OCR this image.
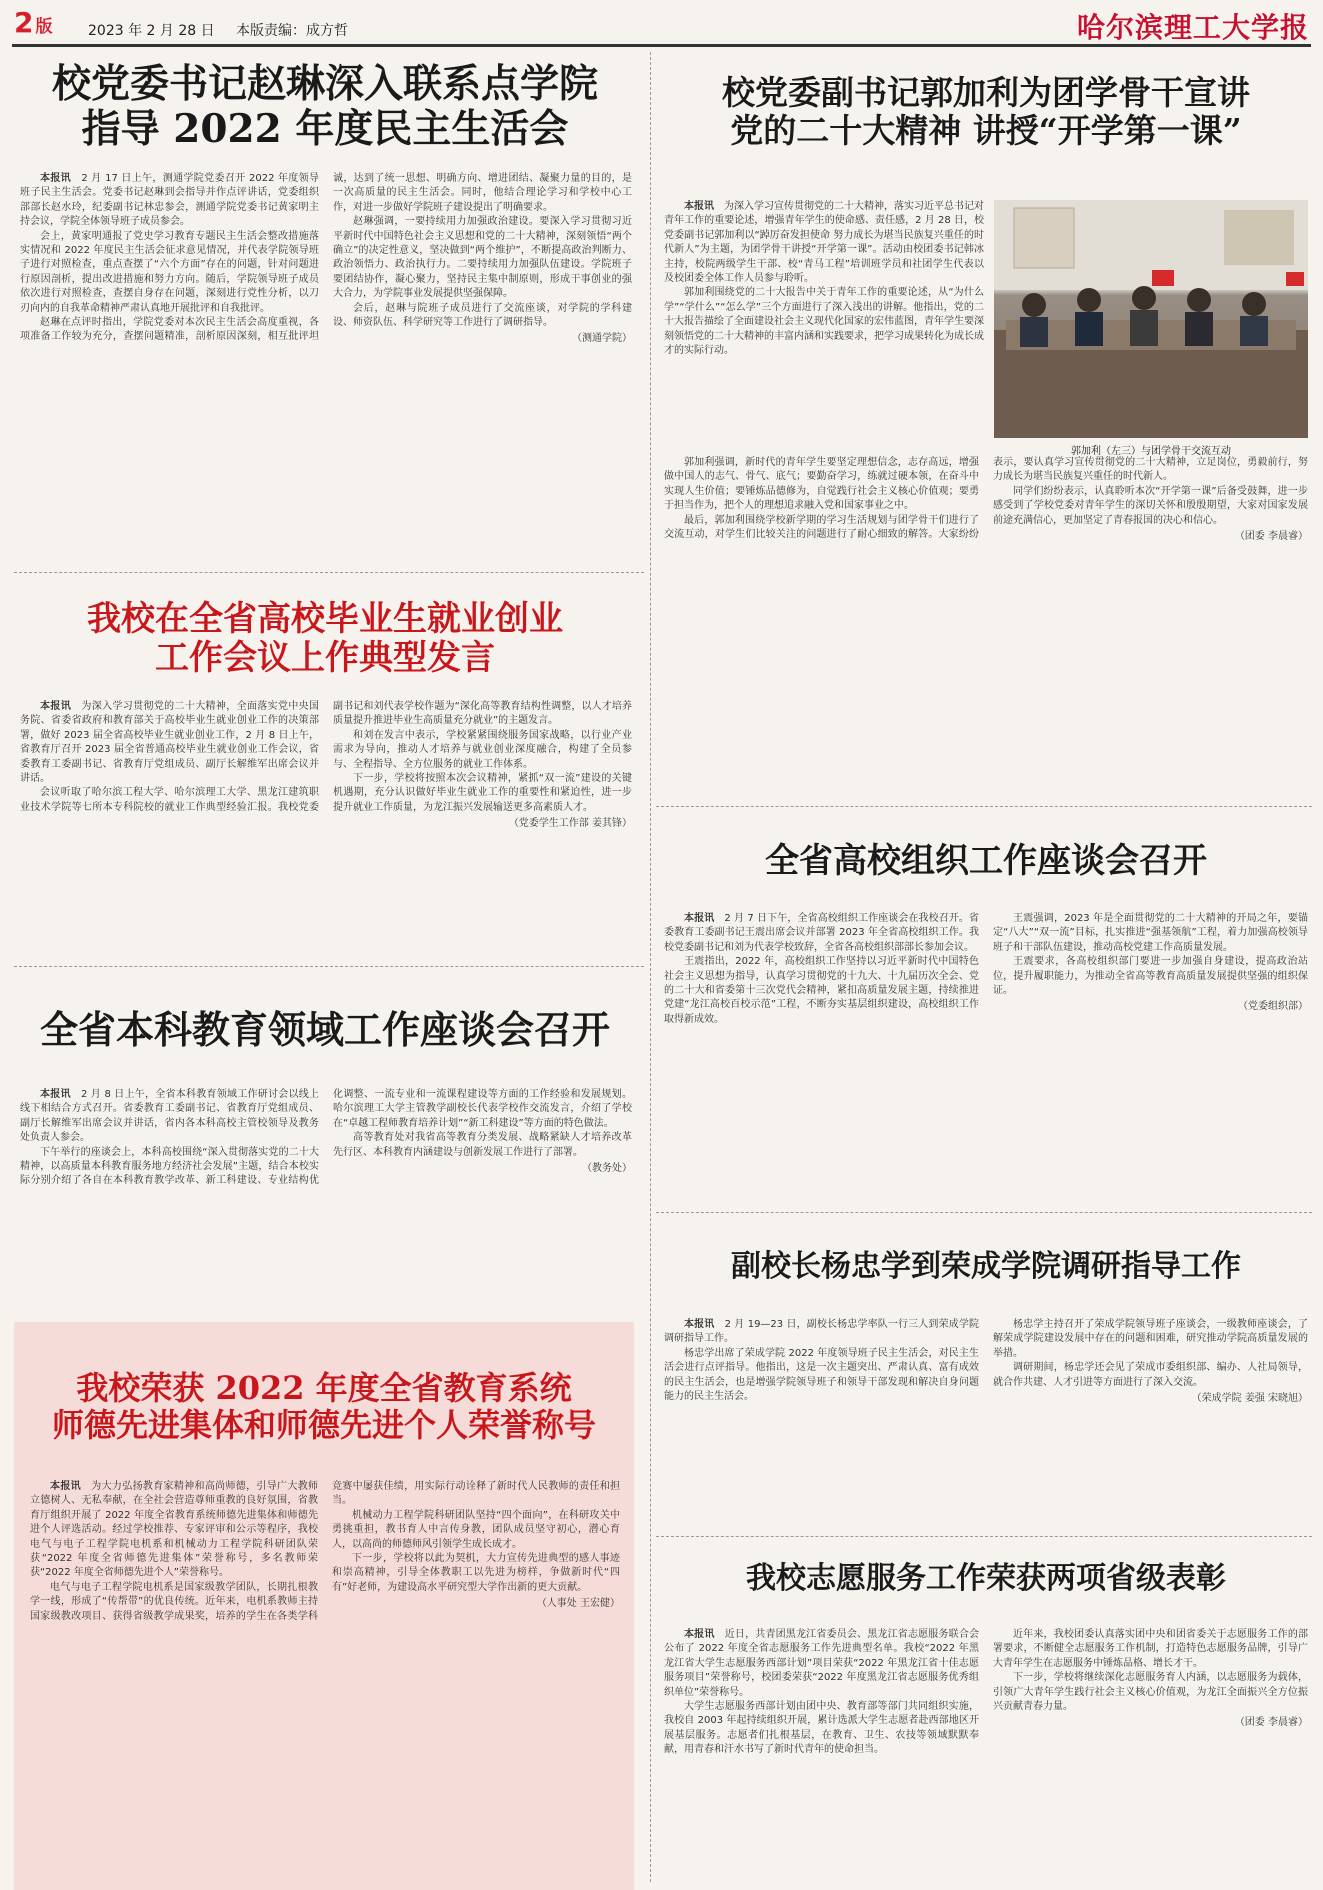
2 版	2023 年 2 月 28 日 本版责编：成方哲	哈尔滨理工大学报
校党委书记赵琳深入联系点学院
指导 2022 年度民主生活会

本报讯　 2 月 17 日上午，测通学院党委召开 2022 年度领导班子民主生活会。党委书记赵琳到会指导并作点评讲话，党委组织部部长赵水玲，纪委副书记林忠参会，测通学院党委书记黄家明主持会议，学院全体领导班子成员参会。

会上，黄家明通报了党史学习教育专题民主生活会整改措施落实情况和 2022 年度民主生活会征求意见情况，并代表学院领导班子进行对照检查，重点查摆了“六个方面”存在的问题，针对问题进行原因剖析，提出改进措施和努力方向。随后，学院领导班子成员依次进行对照检查，查摆自身存在问题，深刻进行党性分析，以刀刃向内的自我革命精神严肃认真地开展批评和自我批评。

赵琳在点评时指出，学院党委对本次民主生活会高度重视，各项准备工作较为充分，查摆问题精准，剖析原因深刻，相互批评坦诚，达到了统一思想、明确方向、增进团结、凝聚力量的目的，是一次高质量的民主生活会。同时，他结合理论学习和学校中心工作，对进一步做好学院班子建设提出了明确要求。

赵琳强调，一要持续用力加强政治建设。要深入学习贯彻习近平新时代中国特色社会主义思想和党的二十大精神，深刻领悟“两个确立”的决定性意义，坚决做到“两个维护”，不断提高政治判断力、政治领悟力、政治执行力。二要持续用力加强队伍建设。学院班子要团结协作，凝心聚力，坚持民主集中制原则，形成干事创业的强大合力，为学院事业发展提供坚强保障。

会后，赵琳与院班子成员进行了交流座谈，对学院的学科建设、师资队伍、科学研究等工作进行了调研指导。

（测通学院）
我校在全省高校毕业生就业创业
工作会议上作典型发言

本报讯　 为深入学习贯彻党的二十大精神，全面落实党中央国务院、省委省政府和教育部关于高校毕业生就业创业工作的决策部署，做好 2023 届全省高校毕业生就业创业工作，2 月 8 日上午，省教育厅召开 2023 届全省普通高校毕业生就业创业工作会议，省委教育工委副书记、省教育厅党组成员、副厅长解维军出席会议并讲话。

会议听取了哈尔滨工程大学、哈尔滨理工大学、黑龙江建筑职业技术学院等七所本专科院校的就业工作典型经验汇报。我校党委副书记和刘代表学校作题为“深化高等教育结构性调整，以人才培养质量提升推进毕业生高质量充分就业”的主题发言。

和刘在发言中表示，学校紧紧围绕服务国家战略，以行业产业需求为导向，推动人才培养与就业创业深度融合，构建了全员参与、全程指导、全方位服务的就业工作体系。

下一步，学校将按照本次会议精神，紧抓“双一流”建设的关键机遇期，充分认识做好毕业生就业工作的重要性和紧迫性，进一步提升就业工作质量，为龙江振兴发展输送更多高素质人才。

（党委学生工作部 姜其锋）
全省本科教育领域工作座谈会召开

本报讯　 2 月 8 日上午，全省本科教育领域工作研讨会以线上线下相结合方式召开。省委教育工委副书记、省教育厅党组成员、副厅长解维军出席会议并讲话，省内各本科高校主管校领导及教务处负责人参会。

下午举行的座谈会上，本科高校围绕“深入贯彻落实党的二十大精神，以高质量本科教育服务地方经济社会发展”主题，结合本校实际分别介绍了各自在本科教育教学改革、新工科建设、专业结构优化调整、一流专业和一流课程建设等方面的工作经验和发展规划。哈尔滨理工大学主管教学副校长代表学校作交流发言，介绍了学校在“卓越工程师教育培养计划”“新工科建设”等方面的特色做法。

高等教育处对我省高等教育分类发展、战略紧缺人才培养改革先行区、本科教育内涵建设与创新发展工作进行了部署。

（教务处）
我校荣获 2022 年度全省教育系统
师德先进集体和师德先进个人荣誉称号

本报讯　 为大力弘扬教育家精神和高尚师德，引导广大教师立德树人、无私奉献，在全社会营造尊师重教的良好氛围，省教育厅组织开展了 2022 年度全省教育系统师德先进集体和师德先进个人评选活动。经过学校推荐、专家评审和公示等程序，我校电气与电子工程学院电机系和机械动力工程学院科研团队荣获“2022 年度全省师德先进集体”荣誉称号，多名教师荣获“2022 年度全省师德先进个人”荣誉称号。

电气与电子工程学院电机系是国家级教学团队，长期扎根教学一线，形成了“传帮带”的优良传统。近年来，电机系教师主持国家级教改项目、获得省级教学成果奖，培养的学生在各类学科竞赛中屡获佳绩，用实际行动诠释了新时代人民教师的责任和担当。

机械动力工程学院科研团队坚持“四个面向”，在科研攻关中勇挑重担，教书育人中言传身教，团队成员坚守初心，潜心育人，以高尚的师德师风引领学生成长成才。

下一步，学校将以此为契机，大力宣传先进典型的感人事迹和崇高精神，引导全体教职工以先进为榜样，争做新时代“四有”好老师，为建设高水平研究型大学作出新的更大贡献。

（人事处 王宏健）
校党委副书记郭加利为团学骨干宣讲
党的二十大精神 讲授“开学第一课”
郭加利（左三）与团学骨干交流互动

本报讯　 为深入学习宣传贯彻党的二十大精神，落实习近平总书记对青年工作的重要论述，增强青年学生的使命感、责任感，2 月 28 日，校党委副书记郭加利以“踔厉奋发担使命 努力成长为堪当民族复兴重任的时代新人”为主题，为团学骨干讲授“开学第一课”。活动由校团委书记韩冰主持，校院两级学生干部、校“青马工程”培训班学员和社团学生代表以及校团委全体工作人员参与聆听。

郭加利围绕党的二十大报告中关于青年工作的重要论述，从“为什么学”“学什么”“怎么学”三个方面进行了深入浅出的讲解。他指出，党的二十大报告描绘了全面建设社会主义现代化国家的宏伟蓝图，青年学生要深刻领悟党的二十大精神的丰富内涵和实践要求，把学习成果转化为成长成才的实际行动。

郭加利强调，新时代的青年学生要坚定理想信念，志存高远，增强做中国人的志气、骨气、底气；要勤奋学习，练就过硬本领，在奋斗中实现人生价值；要锤炼品德修为，自觉践行社会主义核心价值观；要勇于担当作为，把个人的理想追求融入党和国家事业之中。

最后，郭加利围绕学校新学期的学习生活规划与团学骨干们进行了交流互动，对学生们比较关注的问题进行了耐心细致的解答。大家纷纷表示，要认真学习宣传贯彻党的二十大精神，立足岗位，勇毅前行，努力成长为堪当民族复兴重任的时代新人。

同学们纷纷表示，认真聆听本次“开学第一课”后备受鼓舞，进一步感受到了学校党委对青年学生的深切关怀和殷殷期望，大家对国家发展前途充满信心，更加坚定了青春报国的决心和信心。

（团委 李晨睿）
全省高校组织工作座谈会召开

本报讯　 2 月 7 日下午，全省高校组织工作座谈会在我校召开。省委教育工委副书记王震出席会议并部署 2023 年全省高校组织工作。我校党委副书记和刘为代表学校致辞，全省各高校组织部部长参加会议。

王震指出，2022 年，高校组织工作坚持以习近平新时代中国特色社会主义思想为指导，认真学习贯彻党的十九大、十九届历次全会、党的二十大和省委第十三次党代会精神，紧扣高质量发展主题，持续推进党建“龙江高校百校示范”工程，不断夯实基层组织建设，高校组织工作取得新成效。

王震强调，2023 年是全面贯彻党的二十大精神的开局之年，要锚定“八大”“双一流”目标，扎实推进“强基领航”工程，着力加强高校领导班子和干部队伍建设，推动高校党建工作高质量发展。

王震要求，各高校组织部门要进一步加强自身建设，提高政治站位，提升履职能力，为推动全省高等教育高质量发展提供坚强的组织保证。

（党委组织部）
副校长杨忠学到荣成学院调研指导工作

本报讯　 2 月 19—23 日，副校长杨忠学率队一行三人到荣成学院调研指导工作。

杨忠学出席了荣成学院 2022 年度领导班子民主生活会，对民主生活会进行点评指导。他指出，这是一次主题突出、严肃认真、富有成效的民主生活会，也是增强学院领导班子和领导干部发现和解决自身问题能力的民主生活会。

杨忠学主持召开了荣成学院领导班子座谈会，一级教师座谈会，了解荣成学院建设发展中存在的问题和困难，研究推动学院高质量发展的举措。

调研期间，杨忠学还会见了荣成市委组织部、编办、人社局领导，就合作共建、人才引进等方面进行了深入交流。

（荣成学院 姜强 宋晓旭）
我校志愿服务工作荣获两项省级表彰

本报讯　 近日，共青团黑龙江省委员会、黑龙江省志愿服务联合会公布了 2022 年度全省志愿服务工作先进典型名单。我校“2022 年黑龙江省大学生志愿服务西部计划”项目荣获“2022 年黑龙江省十佳志愿服务项目”荣誉称号，校团委荣获“2022 年度黑龙江省志愿服务优秀组织单位”荣誉称号。

大学生志愿服务西部计划由团中央、教育部等部门共同组织实施，我校自 2003 年起持续组织开展，累计选派大学生志愿者赴西部地区开展基层服务。志愿者们扎根基层，在教育、卫生、农技等领域默默奉献，用青春和汗水书写了新时代青年的使命担当。

近年来，我校团委认真落实团中央和团省委关于志愿服务工作的部署要求，不断健全志愿服务工作机制，打造特色志愿服务品牌，引导广大青年学生在志愿服务中锤炼品格、增长才干。

下一步，学校将继续深化志愿服务育人内涵，以志愿服务为载体，引领广大青年学生践行社会主义核心价值观，为龙江全面振兴全方位振兴贡献青春力量。

（团委 李晨睿）
